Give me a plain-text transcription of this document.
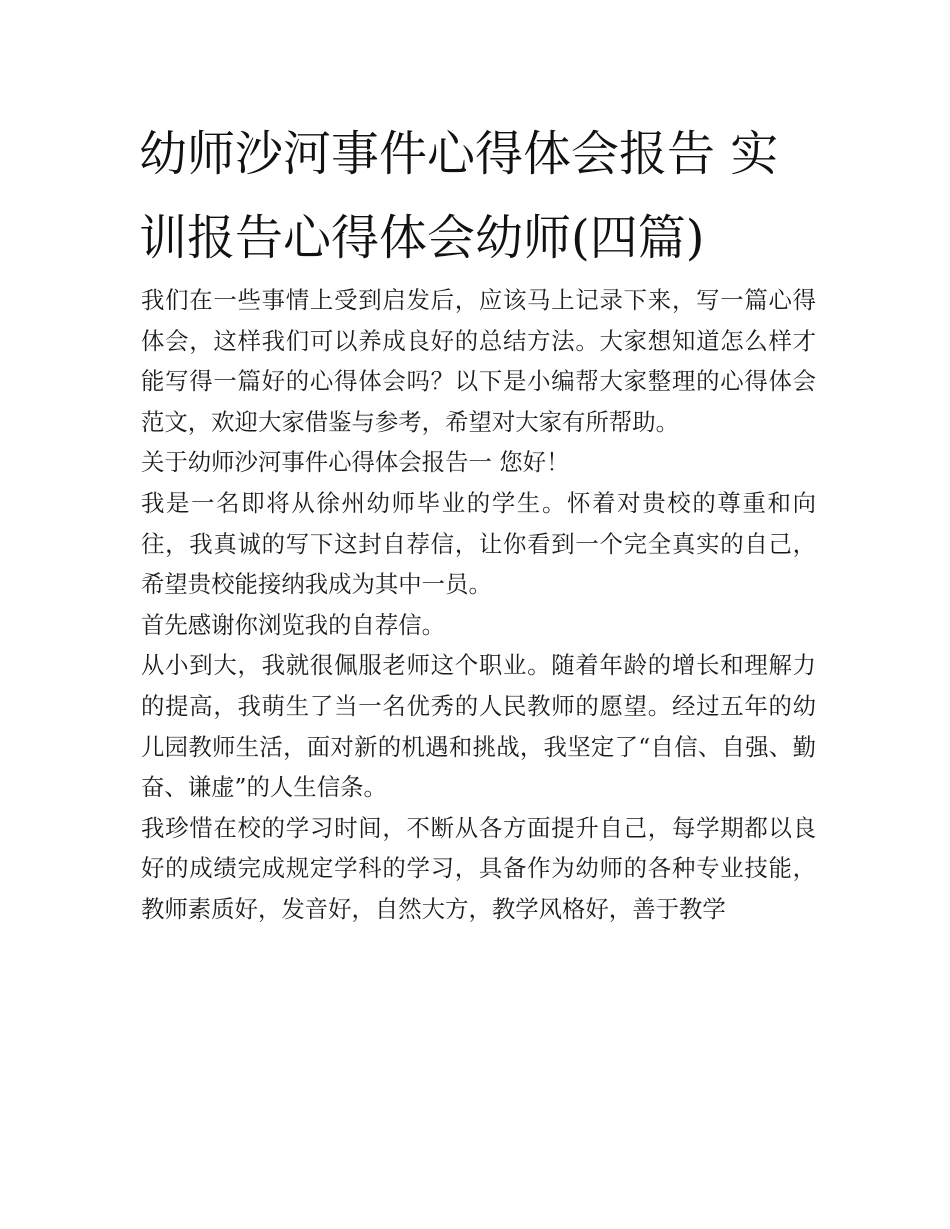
幼师沙河事件心得体会报告 实训报告心得体会幼师(四篇)

我们在一些事情上受到启发后，应该马上记录下来，写一篇心得体会，这样我们可以养成良好的总结方法。大家想知道怎么样才能写得一篇好的心得体会吗？以下是小编帮大家整理的心得体会范文，欢迎大家借鉴与参考，希望对大家有所帮助。

关于幼师沙河事件心得体会报告一 您好！

我是一名即将从徐州幼师毕业的学生。怀着对贵校的尊重和向往，我真诚的写下这封自荐信，让你看到一个完全真实的自己，希望贵校能接纳我成为其中一员。

首先感谢你浏览我的自荐信。

从小到大，我就很佩服老师这个职业。随着年龄的增长和理解力的提高，我萌生了当一名优秀的人民教师的愿望。经过五年的幼儿园教师生活，面对新的机遇和挑战，我坚定了“自信、自强、勤奋、谦虚”的人生信条。

我珍惜在校的学习时间，不断从各方面提升自己，每学期都以良好的成绩完成规定学科的学习，具备作为幼师的各种专业技能，教师素质好，发音好，自然大方，教学风格好，善于教学
